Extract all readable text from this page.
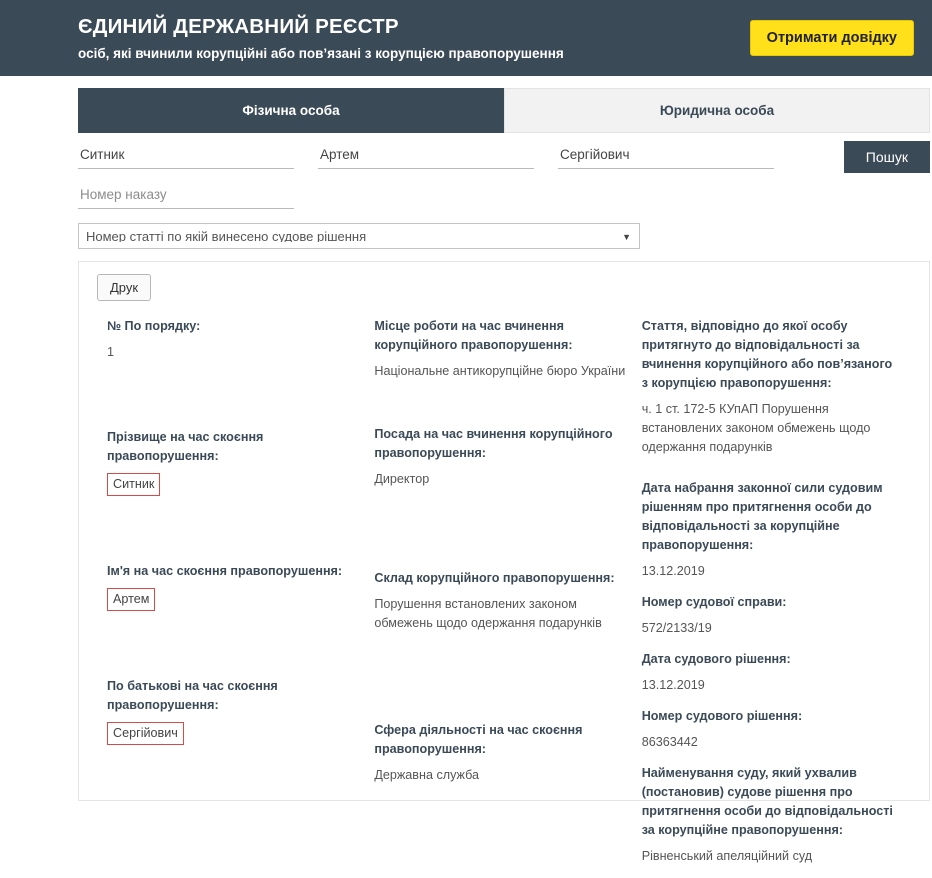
ЄДИНИЙ ДЕРЖАВНИЙ РЕЄСТР
осіб, які вчинили корупційні або пов’язані з корупцією правопорушення
Отримати довідку
Фізична особа	Юридична особа
Ситник
Артем
Сергійович
Пошук
Номер наказу
Номер статті по якій винесено судове рішення
▼
Друк
№ По порядку:
1
Прізвище на час скоєння правопорушення:
Ситник
Ім'я на час скоєння правопорушення:
Артем
По батькові на час скоєння правопорушення:
Сергійович
Місце роботи на час вчинення корупційного правопорушення:
Національне антикорупційне бюро України
Посада на час вчинення корупційного правопорушення:
Директор
Склад корупційного правопорушення:
Порушення встановлених законом обмежень щодо одержання подарунків
Сфера діяльності на час скоєння правопорушення:
Державна служба
Стаття, відповідно до якої особу притягнуто до відповідальності за вчинення корупційного або пов’язаного з корупцією правопорушення:
ч. 1 ст. 172-5 КУпАП Порушення встановлених законом обмежень щодо одержання подарунків
Дата набрання законної сили судовим рішенням про притягнення особи до відповідальності за корупційне правопорушення:
13.12.2019
Номер судової справи:
572/2133/19
Дата судового рішення:
13.12.2019
Номер судового рішення:
86363442
Найменування суду, який ухвалив (постановив) судове рішення про притягнення особи до відповідальності за корупційне правопорушення:
Рівненський апеляційний суд
